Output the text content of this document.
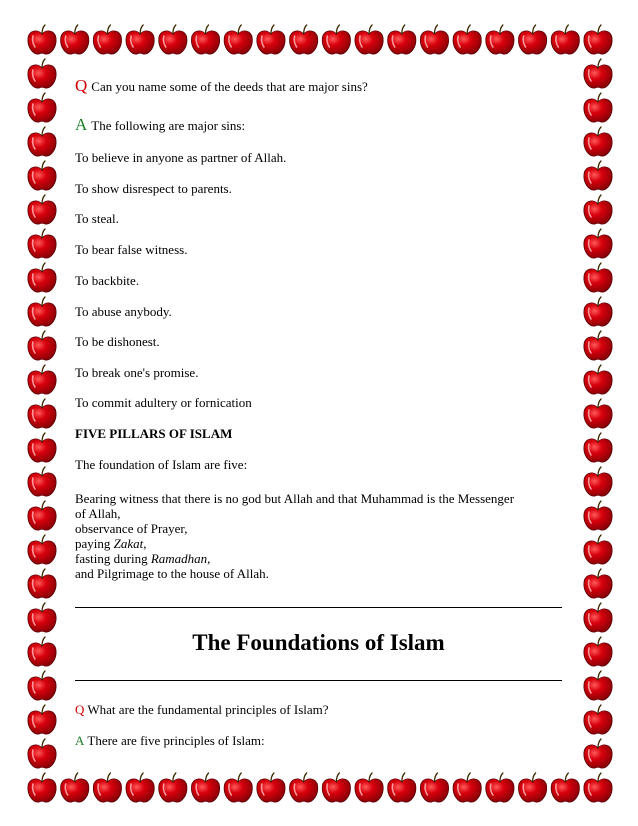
Q Can you name some of the deeds that are major sins?

A The following are major sins:

To believe in anyone as partner of Allah.

To show disrespect to parents.

To steal.

To bear false witness.

To backbite.

To abuse anybody.

To be dishonest.

To break one's promise.

To commit adultery or fornication

FIVE PILLARS OF ISLAM

The foundation of Islam are five:

Bearing witness that there is no god but Allah and that Muhammad is the Messenger
of Allah,
observance of Prayer,
paying Zakat,
fasting during Ramadhan,
and Pilgrimage to the house of Allah.
The Foundations of Islam

Q What are the fundamental principles of Islam?

A There are five principles of Islam:
